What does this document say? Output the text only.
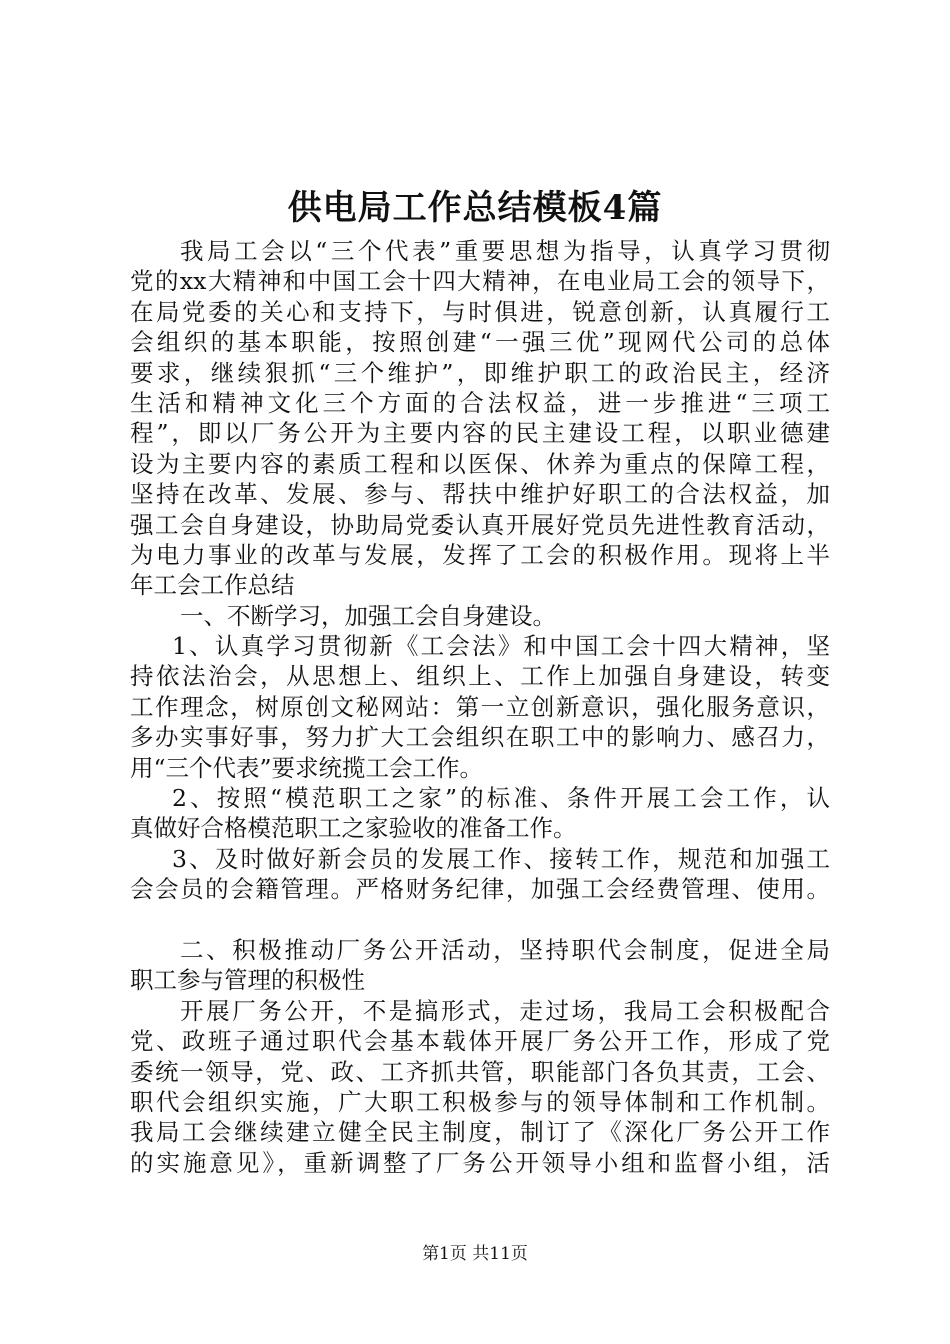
供电局工作总结模板4篇
我局工会以“三个代表”重要思想为指导，认真学习贯彻
党的xx大精神和中国工会十四大精神，在电业局工会的领导下，
在局党委的关心和支持下，与时俱进，锐意创新，认真履行工
会组织的基本职能，按照创建“一强三优”现网代公司的总体
要求，继续狠抓“三个维护”，即维护职工的政治民主，经济
生活和精神文化三个方面的合法权益，进一步推进“三项工
程”，即以厂务公开为主要内容的民主建设工程，以职业德建
设为主要内容的素质工程和以医保、休养为重点的保障工程，
坚持在改革、发展、参与、帮扶中维护好职工的合法权益，加
强工会自身建设，协助局党委认真开展好党员先进性教育活动，
为电力事业的改革与发展，发挥了工会的积极作用。现将上半
年工会工作总结
一、不断学习，加强工会自身建设。
1、认真学习贯彻新《工会法》和中国工会十四大精神，坚
持依法治会，从思想上、组织上、工作上加强自身建设，转变
工作理念，树原创文秘网站：第一立创新意识，强化服务意识，
多办实事好事，努力扩大工会组织在职工中的影响力、感召力，
用“三个代表”要求统揽工会工作。
2、按照“模范职工之家”的标准、条件开展工会工作，认
真做好合格模范职工之家验收的准备工作。
3、及时做好新会员的发展工作、接转工作，规范和加强工
会会员的会籍管理。严格财务纪律，加强工会经费管理、使用。
二、积极推动厂务公开活动，坚持职代会制度，促进全局
职工参与管理的积极性
开展厂务公开，不是搞形式，走过场，我局工会积极配合
党、政班子通过职代会基本载体开展厂务公开工作，形成了党
委统一领导，党、政、工齐抓共管，职能部门各负其责，工会、
职代会组织实施，广大职工积极参与的领导体制和工作机制。
我局工会继续建立健全民主制度，制订了《深化厂务公开工作
的实施意见》，重新调整了厂务公开领导小组和监督小组，活
第1页 共11页
